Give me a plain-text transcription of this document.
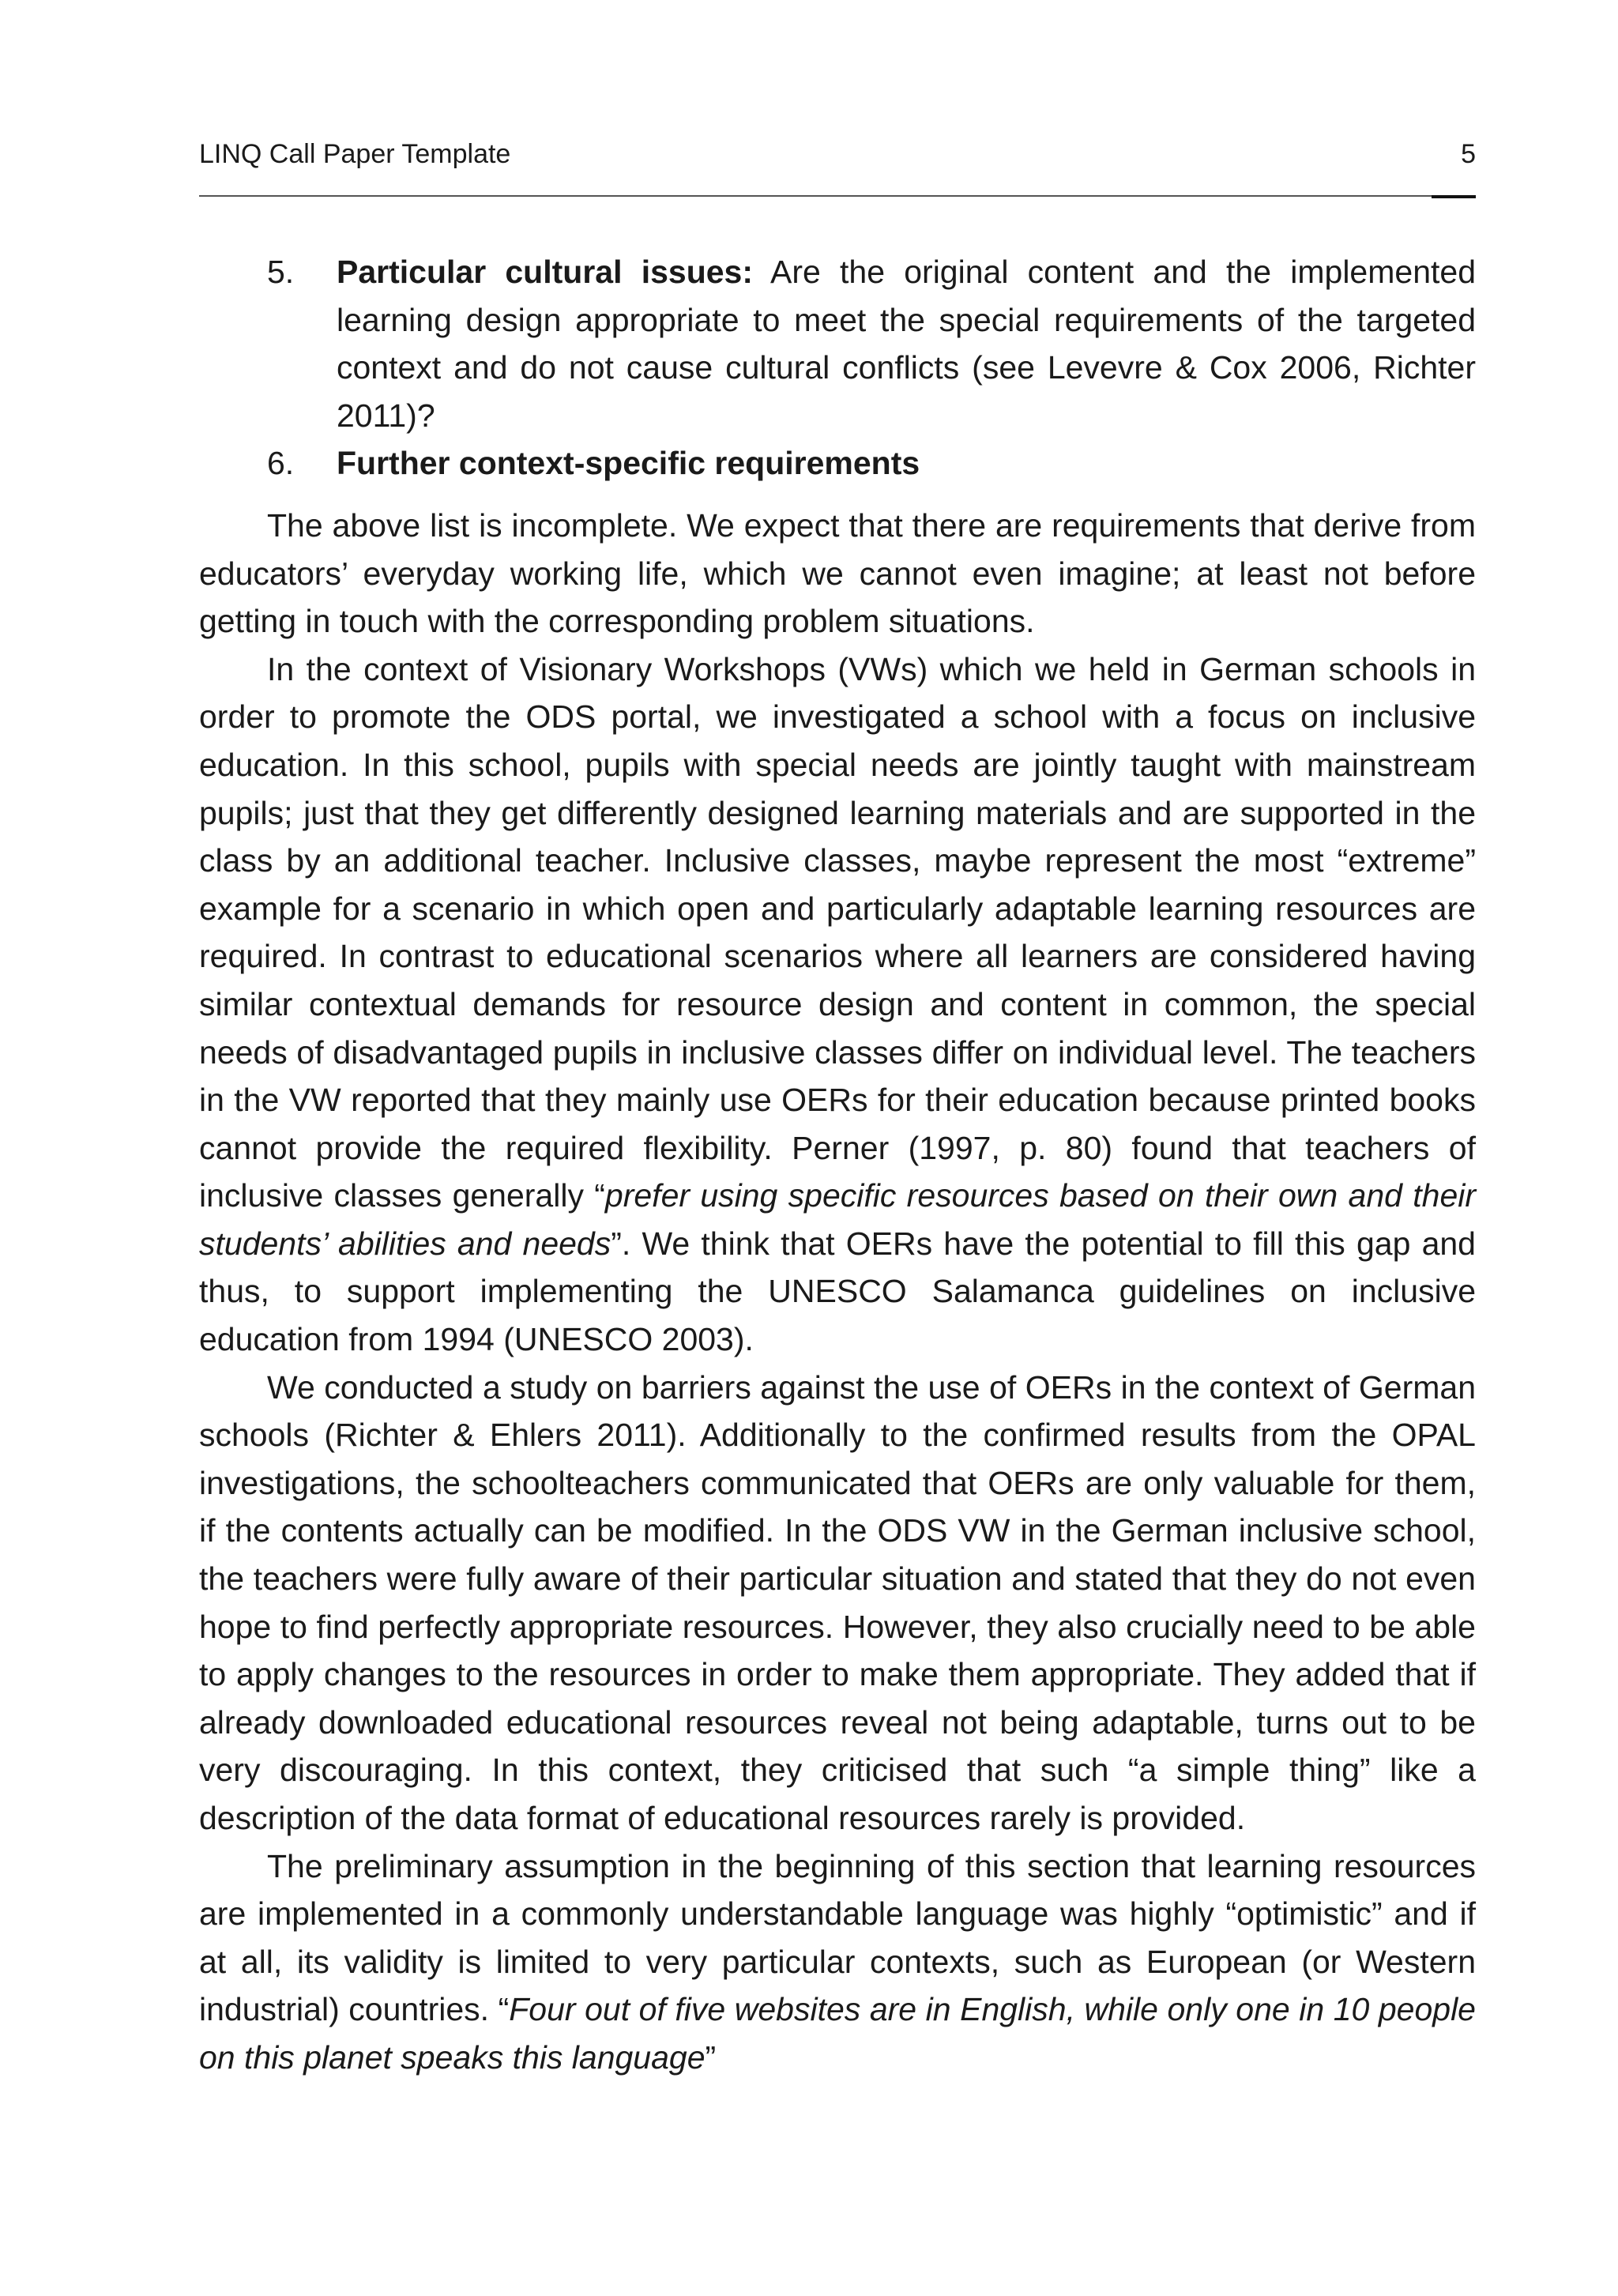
LINQ Call Paper Template	5
5. Particular cultural issues: Are the original content and the implemented learning design appropriate to meet the special requirements of the targeted context and do not cause cultural conflicts (see Levevre & Cox 2006, Richter 2011)?
6. Further context-specific requirements

The above list is incomplete. We expect that there are requirements that derive from educators’ everyday working life, which we cannot even imagine; at least not before getting in touch with the corresponding problem situations.

In the context of Visionary Workshops (VWs) which we held in German schools in order to promote the ODS portal, we investigated a school with a focus on inclusive education. In this school, pupils with special needs are jointly taught with mainstream pupils; just that they get differently designed learning materials and are supported in the class by an additional teacher. Inclusive classes, maybe represent the most “extreme” example for a scenario in which open and particularly adaptable learning resources are required. In contrast to educational scenarios where all learners are considered having similar contextual demands for resource design and content in common, the special needs of disadvantaged pupils in inclusive classes differ on individual level. The teachers in the VW reported that they mainly use OERs for their education because printed books cannot provide the required flexibility. Perner (1997, p. 80) found that teachers of inclusive classes generally “prefer using specific resources based on their own and their students’ abilities and needs”. We think that OERs have the potential to fill this gap and thus, to support implementing the UNESCO Salamanca guidelines on inclusive education from 1994 (UNESCO 2003).

We conducted a study on barriers against the use of OERs in the context of German schools (Richter & Ehlers 2011). Additionally to the confirmed results from the OPAL investigations, the schoolteachers communicated that OERs are only valuable for them, if the contents actually can be modified. In the ODS VW in the German inclusive school, the teachers were fully aware of their particular situation and stated that they do not even hope to find perfectly appropriate resources. However, they also crucially need to be able to apply changes to the resources in order to make them appropriate. They added that if already downloaded educational resources reveal not being adaptable, turns out to be very discouraging. In this context, they criticised that such “a simple thing” like a description of the data format of educational resources rarely is provided.

The preliminary assumption in the beginning of this section that learning resources are implemented in a commonly understandable language was highly “optimistic” and if at all, its validity is limited to very particular contexts, such as European (or Western industrial) countries. “Four out of five websites are in English, while only one in 10 people on this planet speaks this language”
